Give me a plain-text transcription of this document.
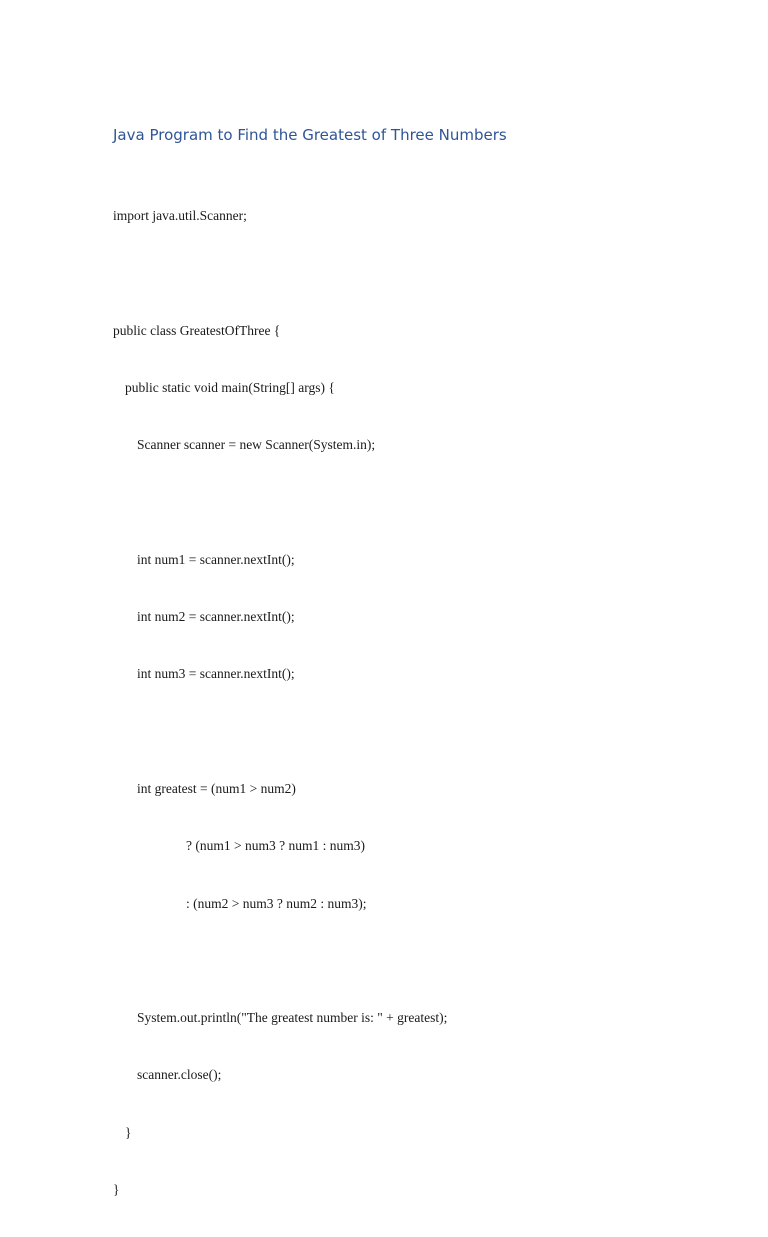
Java Program to Find the Greatest of Three Numbers

import java.util.Scanner;

public class GreatestOfThree {

public static void main(String[] args) {

Scanner scanner = new Scanner(System.in);

int num1 = scanner.nextInt();

int num2 = scanner.nextInt();

int num3 = scanner.nextInt();

int greatest = (num1 > num2)

? (num1 > num3 ? num1 : num3)

: (num2 > num3 ? num2 : num3);

System.out.println("The greatest number is: " + greatest);

scanner.close();

}

}
